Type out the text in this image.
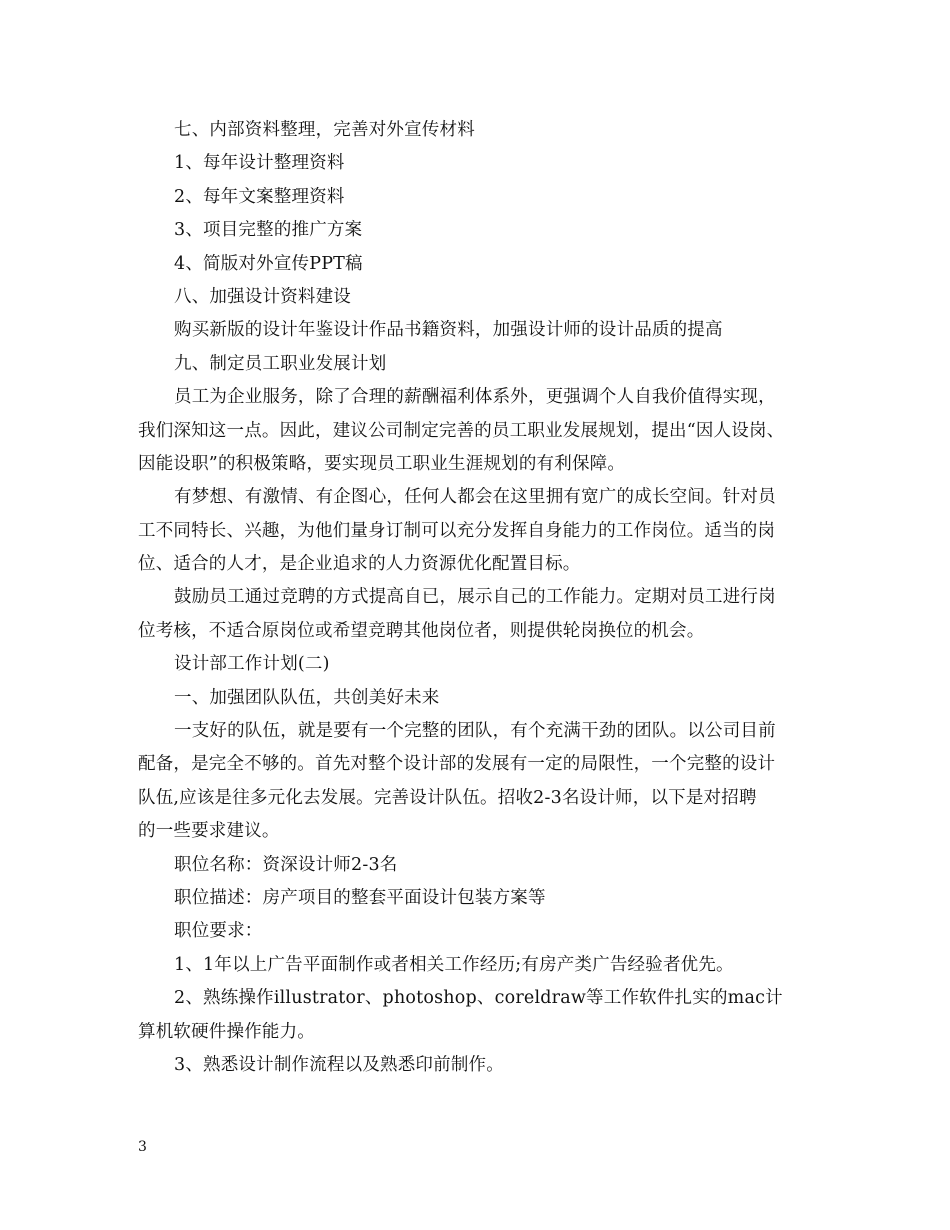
七、内部资料整理，完善对外宣传材料
1、每年设计整理资料
2、每年文案整理资料
3、项目完整的推广方案
4、简版对外宣传PPT稿
八、加强设计资料建设
购买新版的设计年鉴设计作品书籍资料，加强设计师的设计品质的提高
九、制定员工职业发展计划
员工为企业服务，除了合理的薪酬福利体系外，更强调个人自我价值得实现，
我们深知这一点。因此，建议公司制定完善的员工职业发展规划，提出“因人设岗、
因能设职”的积极策略，要实现员工职业生涯规划的有利保障。
有梦想、有激情、有企图心，任何人都会在这里拥有宽广的成长空间。针对员
工不同特长、兴趣，为他们量身订制可以充分发挥自身能力的工作岗位。适当的岗
位、适合的人才，是企业追求的人力资源优化配置目标。
鼓励员工通过竞聘的方式提高自已，展示自己的工作能力。定期对员工进行岗
位考核，不适合原岗位或希望竞聘其他岗位者，则提供轮岗换位的机会。
设计部工作计划(二)
一、加强团队队伍，共创美好未来
一支好的队伍，就是要有一个完整的团队，有个充满干劲的团队。以公司目前
配备，是完全不够的。首先对整个设计部的发展有一定的局限性，一个完整的设计
队伍,应该是往多元化去发展。完善设计队伍。招收2-3名设计师，以下是对招聘
的一些要求建议。
职位名称：资深设计师2-3名
职位描述：房产项目的整套平面设计包装方案等
职位要求：
1、1年以上广告平面制作或者相关工作经历;有房产类广告经验者优先。
2、熟练操作illustrator、photoshop、coreldraw等工作软件扎实的mac计
算机软硬件操作能力。
3、熟悉设计制作流程以及熟悉印前制作。
3
